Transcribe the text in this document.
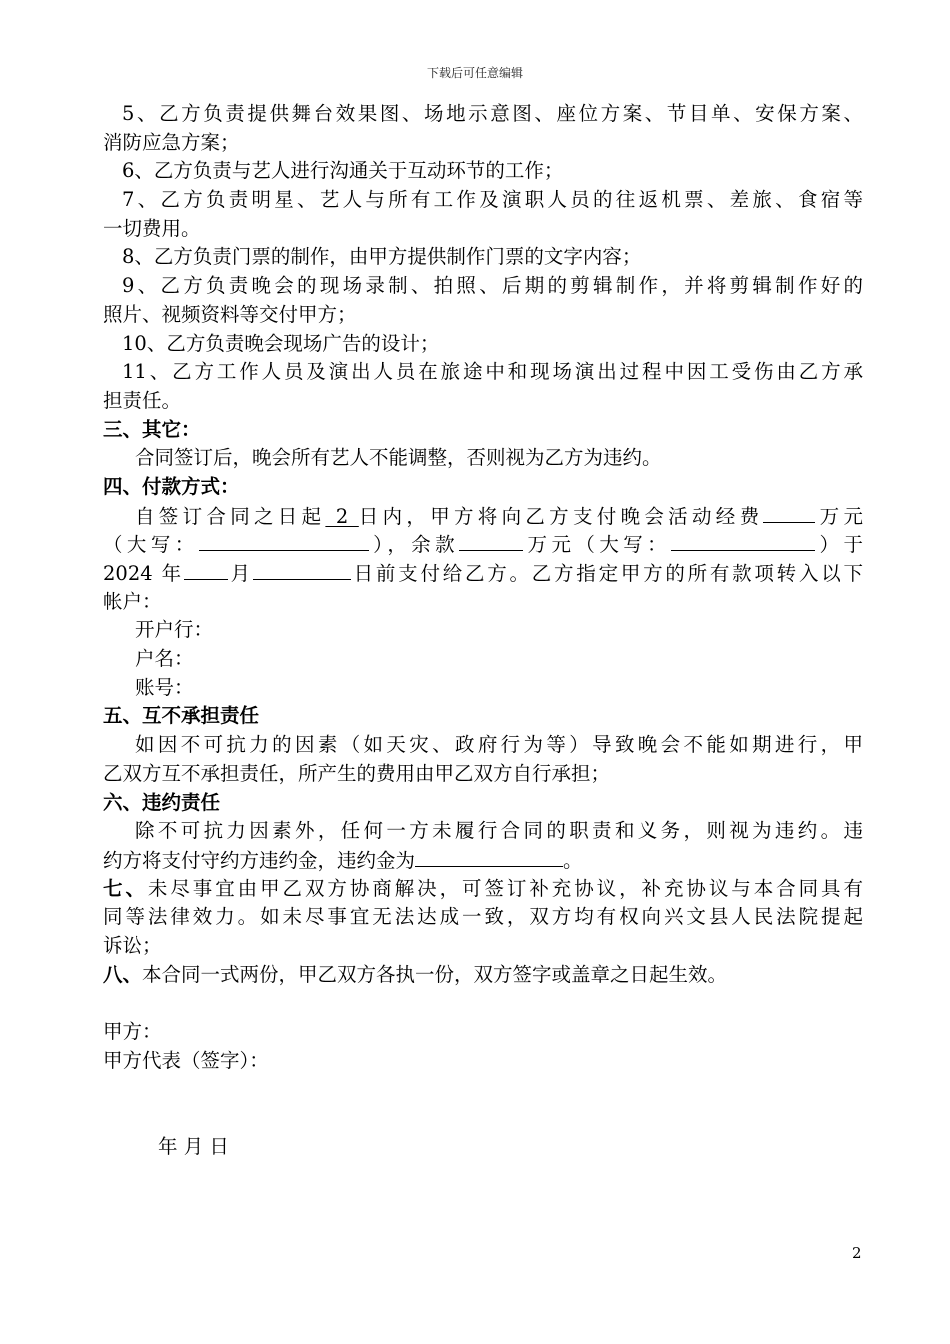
下载后可任意编辑
5、乙方负责提供舞台效果图、场地示意图、座位方案、节目单、安保方案、
消防应急方案；
6、乙方负责与艺人进行沟通关于互动环节的工作；
7、乙方负责明星、艺人与所有工作及演职人员的往返机票、差旅、食宿等
一切费用。
8、乙方负责门票的制作，由甲方提供制作门票的文字内容；
9、乙方负责晚会的现场录制、拍照、后期的剪辑制作，并将剪辑制作好的
照片、视频资料等交付甲方；
10、乙方负责晚会现场广告的设计；
11、乙方工作人员及演出人员在旅途中和现场演出过程中因工受伤由乙方承
担责任。
三、其它：
合同签订后，晚会所有艺人不能调整，否则视为乙方为违约。
四、付款方式：
自签订合同之日起 2 日内，甲方将向乙方支付晚会活动经费	万元
（大写：	），余款	万元（大写：	）于
2024 年 月	日前支付给乙方。乙方指定甲方的所有款项转入以下
帐户：
开户行：
户名：
账号：
五、互不承担责任
如因不可抗力的因素（如天灾、政府行为等）导致晚会不能如期进行，甲
乙双方互不承担责任，所产生的费用由甲乙双方自行承担；
六、违约责任
除不可抗力因素外，任何一方未履行合同的职责和义务，则视为违约。违
约方将支付守约方违约金，违约金为	。
七、未尽事宜由甲乙双方协商解决，可签订补充协议，补充协议与本合同具有
同等法律效力。如未尽事宜无法达成一致，双方均有权向兴文县人民法院提起
诉讼；
八、本合同一式两份，甲乙双方各执一份，双方签字或盖章之日起生效。
甲方：
甲方代表（签字）：
年 月 日
2
